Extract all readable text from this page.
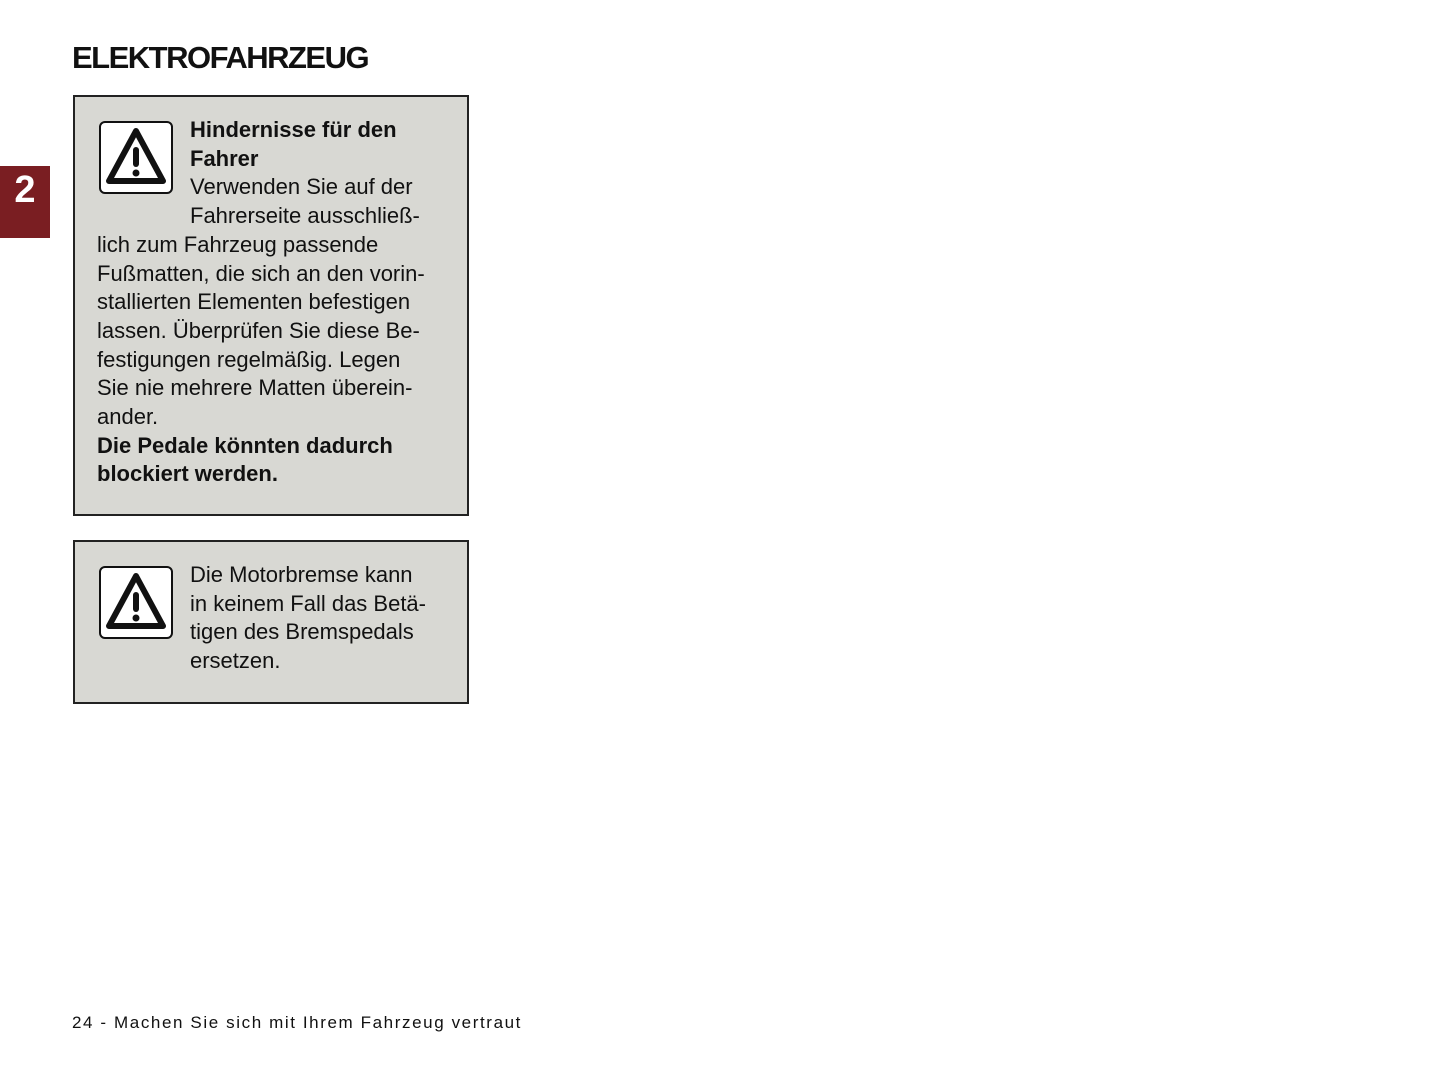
ELEKTROFAHRZEUG
2
Hindernisse für den
Fahrer
Verwenden Sie auf der
Fahrerseite ausschließ-
lich zum Fahrzeug passende
Fußmatten, die sich an den vorin-
stallierten Elementen befestigen
lassen. Überprüfen Sie diese Be-
festigungen regelmäßig. Legen
Sie nie mehrere Matten überein-
ander.
Die Pedale könnten dadurch
blockiert werden.
Die Motorbremse kann
in keinem Fall das Betä-
tigen des Bremspedals
ersetzen.
24 - Machen Sie sich mit Ihrem Fahrzeug vertraut
